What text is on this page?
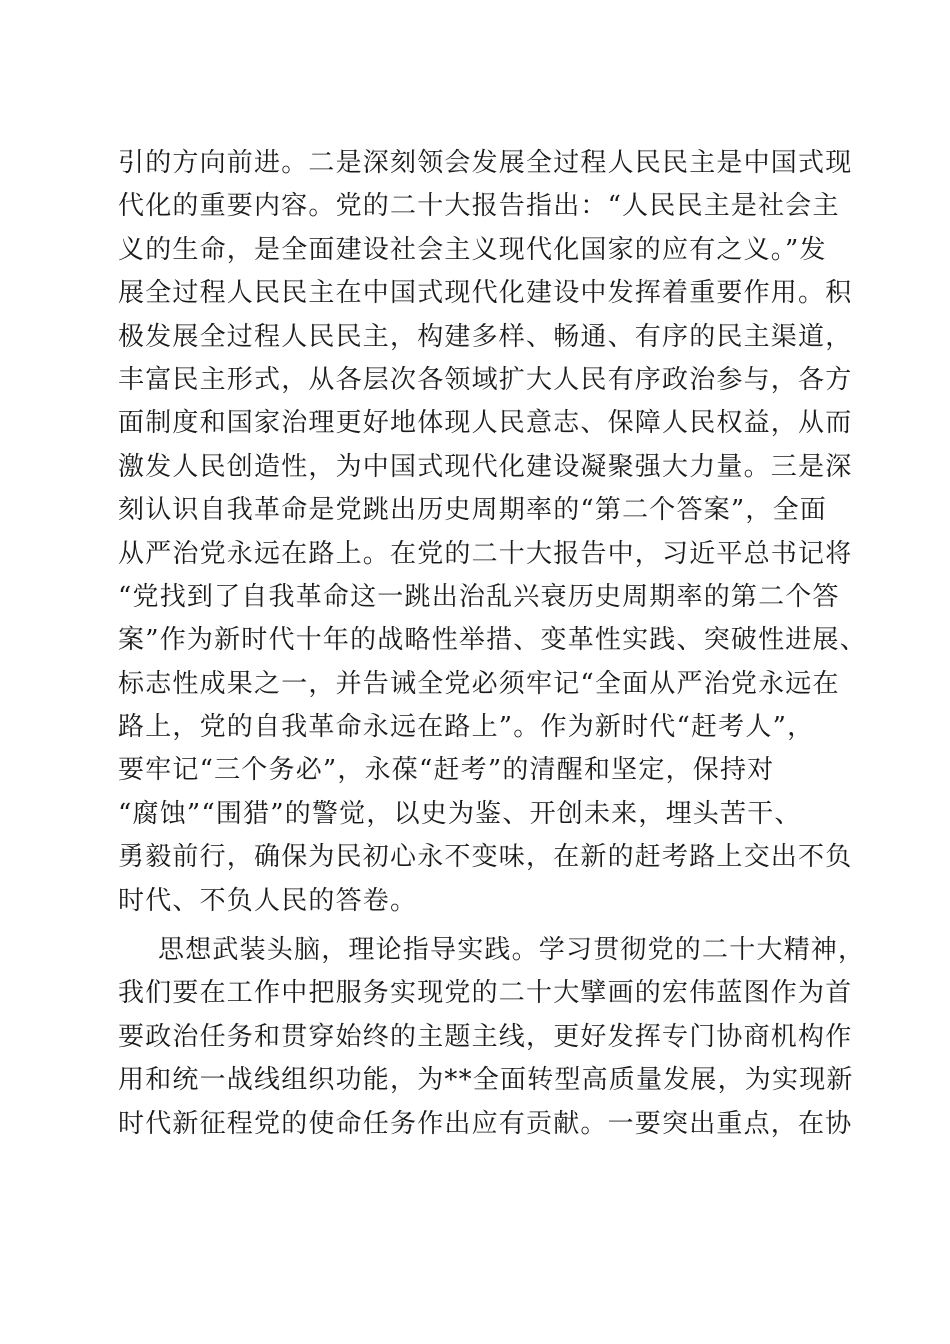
引的方向前进。二是深刻领会发展全过程人民民主是中国式现
代化的重要内容。党的二十大报告指出：“人民民主是社会主
义的生命，是全面建设社会主义现代化国家的应有之义。”发
展全过程人民民主在中国式现代化建设中发挥着重要作用。积
极发展全过程人民民主，构建多样、畅通、有序的民主渠道，
丰富民主形式，从各层次各领域扩大人民有序政治参与，各方
面制度和国家治理更好地体现人民意志、保障人民权益，从而
激发人民创造性，为中国式现代化建设凝聚强大力量。三是深
刻认识自我革命是党跳出历史周期率的“第二个答案”，全面
从严治党永远在路上。在党的二十大报告中，习近平总书记将
“党找到了自我革命这一跳出治乱兴衰历史周期率的第二个答
案”作为新时代十年的战略性举措、变革性实践、突破性进展、
标志性成果之一，并告诫全党必须牢记“全面从严治党永远在
路上，党的自我革命永远在路上”。作为新时代“赶考人”，
要牢记“三个务必”，永葆“赶考”的清醒和坚定，保持对
“腐蚀”“围猎”的警觉，以史为鉴、开创未来，埋头苦干、
勇毅前行，确保为民初心永不变味，在新的赶考路上交出不负
时代、不负人民的答卷。
思想武装头脑，理论指导实践。学习贯彻党的二十大精神，
我们要在工作中把服务实现党的二十大擘画的宏伟蓝图作为首
要政治任务和贯穿始终的主题主线，更好发挥专门协商机构作
用和统一战线组织功能，为**全面转型高质量发展，为实现新
时代新征程党的使命任务作出应有贡献。一要突出重点，在协
